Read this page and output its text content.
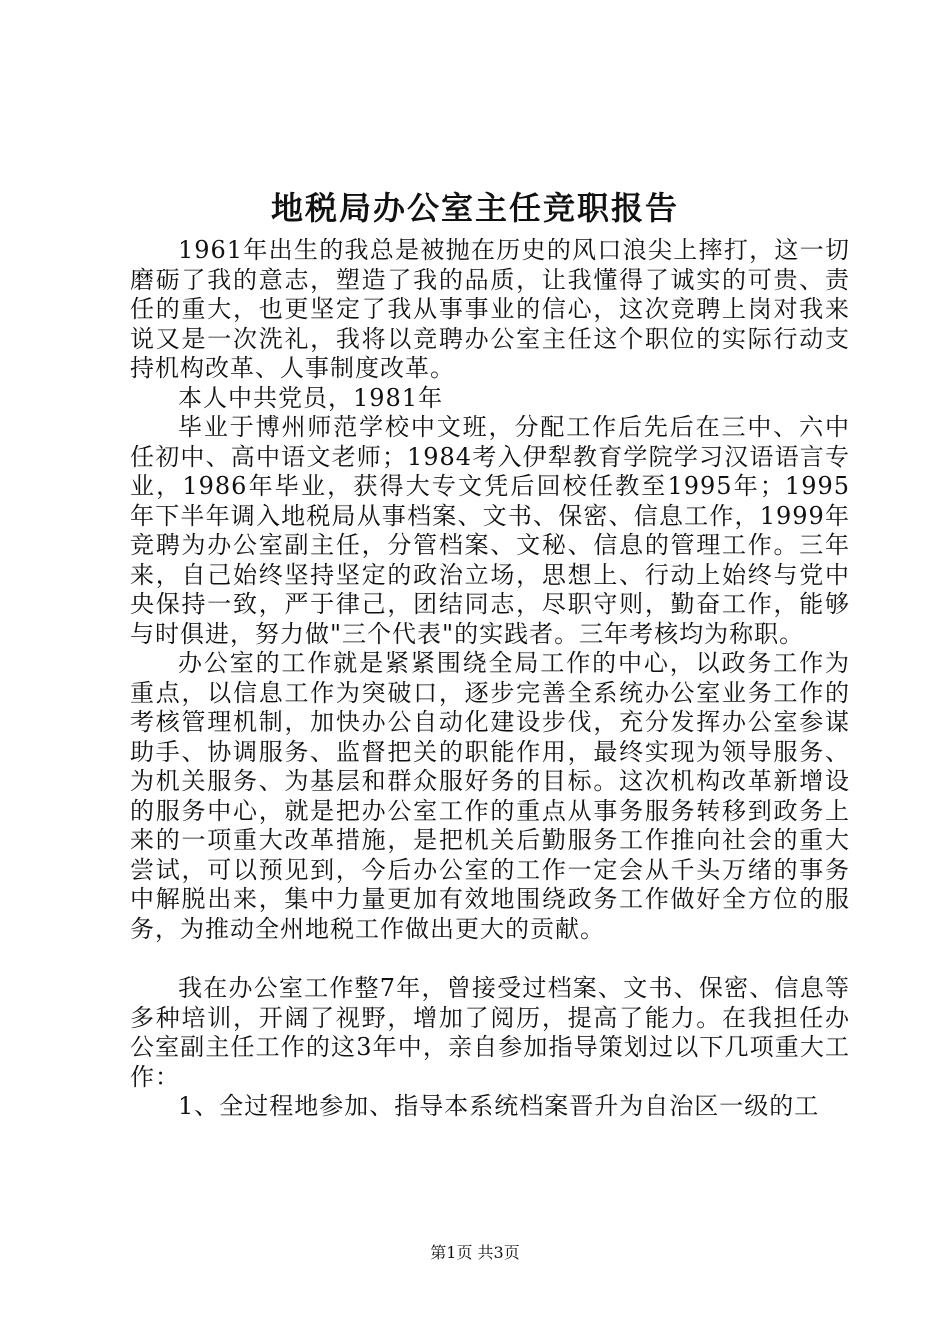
地税局办公室主任竞职报告

1961年出生的我总是被抛在历史的风口浪尖上摔打，这一切磨砺了我的意志，塑造了我的品质，让我懂得了诚实的可贵、责任的重大，也更坚定了我从事事业的信心，这次竞聘上岗对我来说又是一次洗礼，我将以竞聘办公室主任这个职位的实际行动支持机构改革、人事制度改革。

本人中共党员，1981年

毕业于博州师范学校中文班，分配工作后先后在三中、六中任初中、高中语文老师；1984考入伊犁教育学院学习汉语语言专业，1986年毕业，获得大专文凭后回校任教至1995年；1995年下半年调入地税局从事档案、文书、保密、信息工作，1999年竞聘为办公室副主任，分管档案、文秘、信息的管理工作。三年来，自己始终坚持坚定的政治立场，思想上、行动上始终与党中央保持一致，严于律己，团结同志，尽职守则，勤奋工作，能够与时俱进，努力做"三个代表"的实践者。三年考核均为称职。

办公室的工作就是紧紧围绕全局工作的中心，以政务工作为重点，以信息工作为突破口，逐步完善全系统办公室业务工作的考核管理机制，加快办公自动化建设步伐，充分发挥办公室参谋助手、协调服务、监督把关的职能作用，最终实现为领导服务、为机关服务、为基层和群众服好务的目标。这次机构改革新增设的服务中心，就是把办公室工作的重点从事务服务转移到政务上来的一项重大改革措施，是把机关后勤服务工作推向社会的重大尝试，可以预见到，今后办公室的工作一定会从千头万绪的事务中解脱出来，集中力量更加有效地围绕政务工作做好全方位的服务，为推动全州地税工作做出更大的贡献。

我在办公室工作整7年，曾接受过档案、文书、保密、信息等多种培训，开阔了视野，增加了阅历，提高了能力。在我担任办公室副主任工作的这3年中，亲自参加指导策划过以下几项重大工作：

1、全过程地参加、指导本系统档案晋升为自治区一级的工

第1页 共3页
